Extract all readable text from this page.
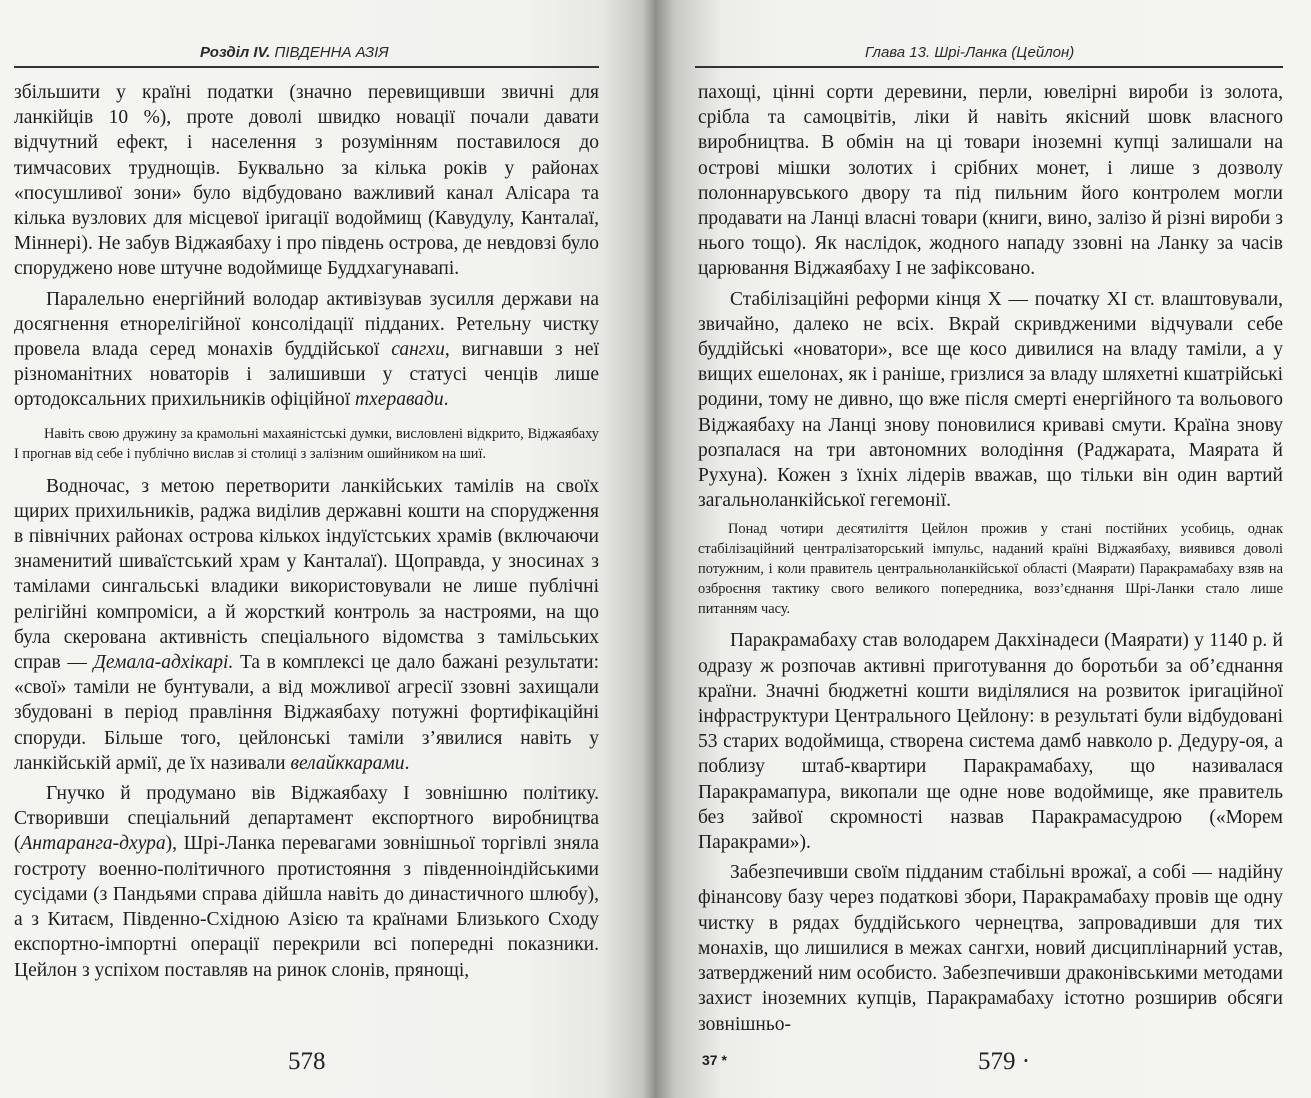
Розділ IV. ПІВДЕННА АЗІЯ

збільшити у країні податки (значно перевищивши звичні для ланкійців 10 %), проте доволі швидко новації почали давати відчутний ефект, і населення з розумінням поставилося до тимчасових труднощів. Буквально за кілька років у районах «посушливої зони» було відбудовано важливий канал Алісара та кілька вузлових для місцевої іригації водоймищ (Кавудулу, Канталаї, Міннері). Не забув Віджаябаху і про південь острова, де невдовзі було споруджено нове штучне водоймище Буддхагунавапі.

Паралельно енергійний володар активізував зусилля держави на досягнення етнорелігійної консолідації підданих. Ретельну чистку провела влада серед монахів буддійської сангхи, вигнавши з неї різноманітних новаторів і залишивши у статусі ченців лише ортодоксальних прихильників офіційної тхеравади.

Навіть свою дружину за крамольні махаяністські думки, висловлені відкрито, Віджаябаху I прогнав від себе і публічно вислав зі столиці з залізним ошийником на шиї.

Водночас, з метою перетворити ланкійських тамілів на своїх щирих прихильників, раджа виділив державні кошти на спорудження в північних районах острова кількох індуїстських храмів (включаючи знаменитий шиваїстський храм у Канталаї). Щоправда, у зносинах з тамілами сингальські владики використовували не лише публічні релігійні компроміси, а й жорсткий контроль за настроями, на що була скерована активність спеціального відомства з тамільських справ — Демала-адхікарі. Та в комплексі це дало бажані результати: «свої» таміли не бунтували, а від можливої агресії ззовні захищали збудовані в період правління Віджаябаху потужні фортифікаційні споруди. Більше того, цейлонські таміли з’явилися навіть у ланкійській армії, де їх називали велайккарами.

Гнучко й продумано вів Віджаябаху I зовнішню політику. Створивши спеціальний департамент експортного виробництва (Антаранга-дхура), Шрі-Ланка перевагами зовнішньої торгівлі зняла гостроту военно-політичного протистояння з південноіндійськими сусідами (з Пандьями справа дійшла навіть до династичного шлюбу), а з Китаєм, Південно-Східною Азією та країнами Близького Сходу експортно-імпортні операції перекрили всі попередні показники. Цейлон з успіхом поставляв на ринок слонів, прянощі,

578
Глава 13. Шрі-Ланка (Цейлон)

пахощі, цінні сорти деревини, перли, ювелірні вироби із золота, срібла та самоцвітів, ліки й навіть якісний шовк власного виробництва. В обмін на ці товари іноземні купці залишали на острові мішки золотих і срібних монет, і лише з дозволу полоннарувського двору та під пильним його контролем могли продавати на Ланці власні товари (книги, вино, залізо й різні вироби з нього тощо). Як наслідок, жодного нападу ззовні на Ланку за часів царювання Віджаябаху I не зафіксовано.

Стабілізаційні реформи кінця X — початку XI ст. влаштовували, звичайно, далеко не всіх. Вкрай скривдженими відчували себе буддійські «новатори», все ще косо дивилися на владу таміли, а у вищих ешелонах, як і раніше, гризлися за владу шляхетні кшатрійські родини, тому не дивно, що вже після смерті енергійного та вольового Віджаябаху на Ланці знову поновилися криваві смути. Країна знову розпалася на три автономних володіння (Раджарата, Маярата й Рухуна). Кожен з їхніх лідерів вважав, що тільки він один вартий загальноланкійської гегемонії.

Понад чотири десятиліття Цейлон прожив у стані постійних усобиць, однак стабілізаційний централізаторський імпульс, наданий країні Віджаябаху, виявився доволі потужним, і коли правитель центральноланкійської області (Маярати) Паракрамабаху взяв на озброєння тактику свого великого попередника, возз’єднання Шрі-Ланки стало лише питанням часу.

Паракрамабаху став володарем Дакхінадеси (Маярати) у 1140 р. й одразу ж розпочав активні приготування до боротьби за об’єднання країни. Значні бюджетні кошти виділялися на розвиток іригаційної інфраструктури Центрального Цейлону: в результаті були відбудовані 53 старих водоймища, створена система дамб навколо р. Дедуру-оя, а поблизу штаб-квартири Паракрамабаху, що називалася Паракрамапура, викопали ще одне нове водоймище, яке правитель без зайвої скромності назвав Паракрамасудрою («Морем Паракрами»).

Забезпечивши своїм підданим стабільні врожаї, а собі — надійну фінансову базу через податкові збори, Паракрамабаху провів ще одну чистку в рядах буддійського чернецтва, запровадивши для тих монахів, що лишилися в межах сангхи, новий дисциплінарний устав, затверджений ним особисто. Забезпечивши драконівськими методами захист іноземних купців, Паракрамабаху істотно розширив обсяги зовнішньо-

37 *	579 ·
